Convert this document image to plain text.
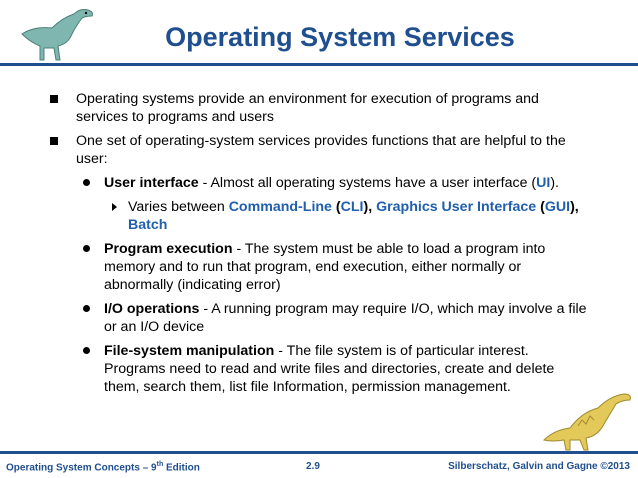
Operating System Services
Operating systems provide an environment for execution of programs and services to programs and users
One set of operating-system services provides functions that are helpful to the user:
User interface - Almost all operating systems have a user interface (UI).
Varies between Command-Line (CLI), Graphics User Interface (GUI),
Batch
Program execution - The system must be able to load a program into memory and to run that program, end execution, either normally or abnormally (indicating error)
I/O operations - A running program may require I/O, which may involve a file or an I/O device
File-system manipulation - The file system is of particular interest. Programs need to read and write files and directories, create and delete them, search them, list file Information, permission management.
Operating System Concepts – 9th Edition	2.9	Silberschatz, Galvin and Gagne ©2013
